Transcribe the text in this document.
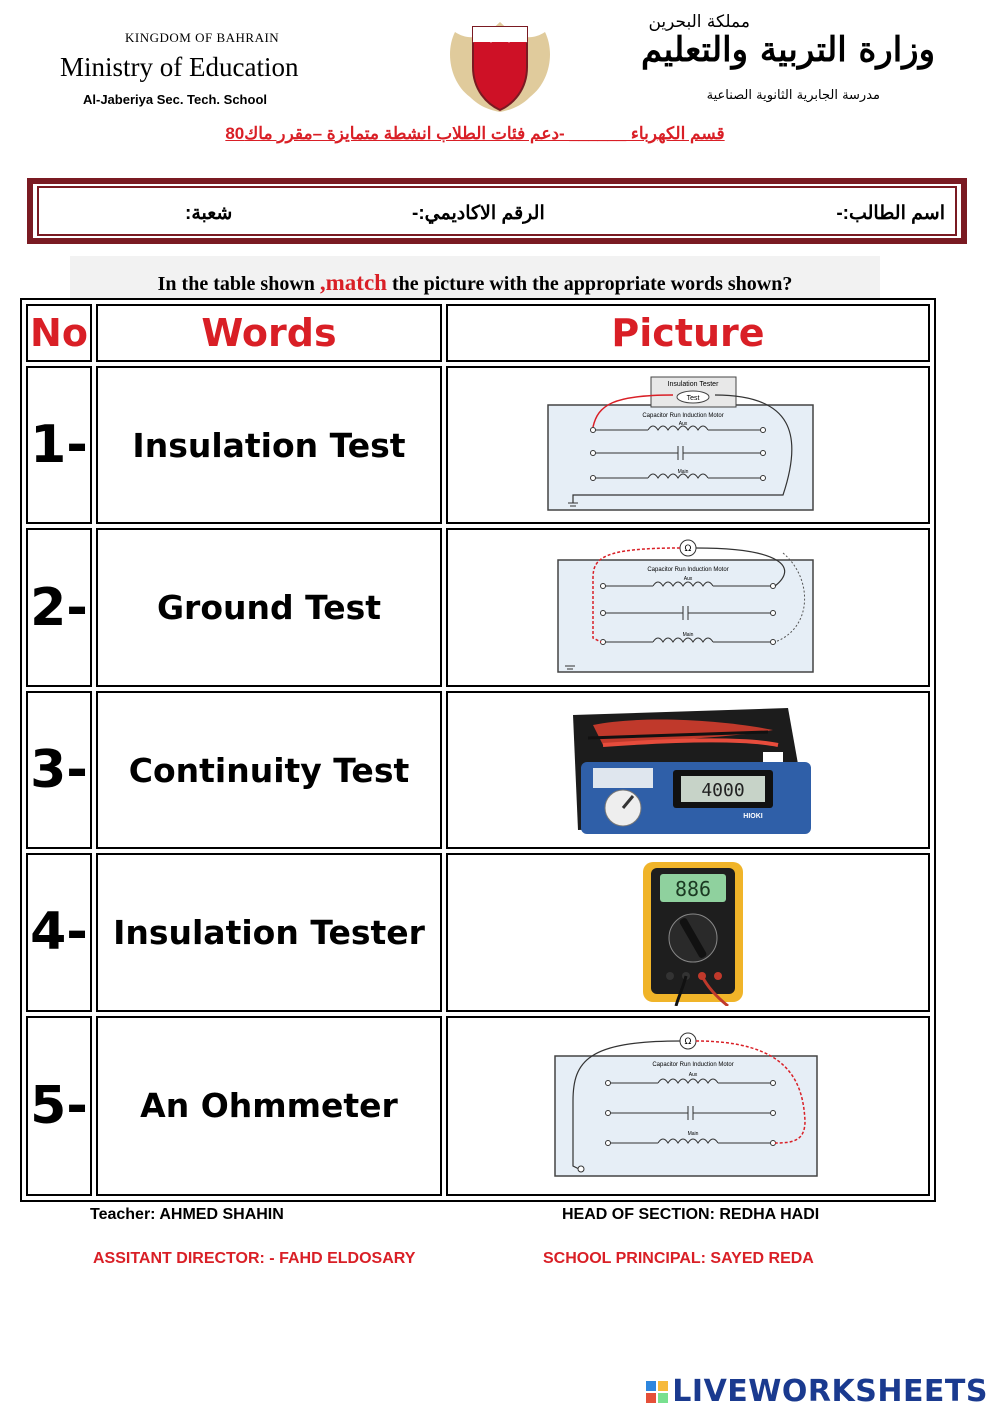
KINGDOM OF BAHRAIN
Ministry of Education
Al-Jaberiya Sec. Tech. School
مملكة البحرين
وزارة التربية والتعليم
مدرسة الجابرية الثانوية الصناعية
قسم الكهرباء ______ -دعم فئات الطلاب انشطة متمايزة –مقرر ماك80
اسم الطالب:-
الرقم الاكاديمي:-
شعبة:
In the table shown ,match the picture with the appropriate words shown?
No	Words	Picture
1-	Insulation Test	Insulation Tester
Test
Capacitor Run Induction Motor
Aux
Main

2-	Ground Test	Ω
Capacitor Run Induction Motor
Aux
Main

3-	Continuity Test	4000
HIOKI

4-	Insulation Tester	886

5-	An Ohmmeter	Ω
Capacitor Run Induction Motor
Aux
Main
Teacher: AHMED SHAHIN	HEAD OF SECTION: REDHA HADI
ASSITANT DIRECTOR: - FAHD ELDOSARY	SCHOOL PRINCIPAL: SAYED REDA
LIVEWORKSHEETS
